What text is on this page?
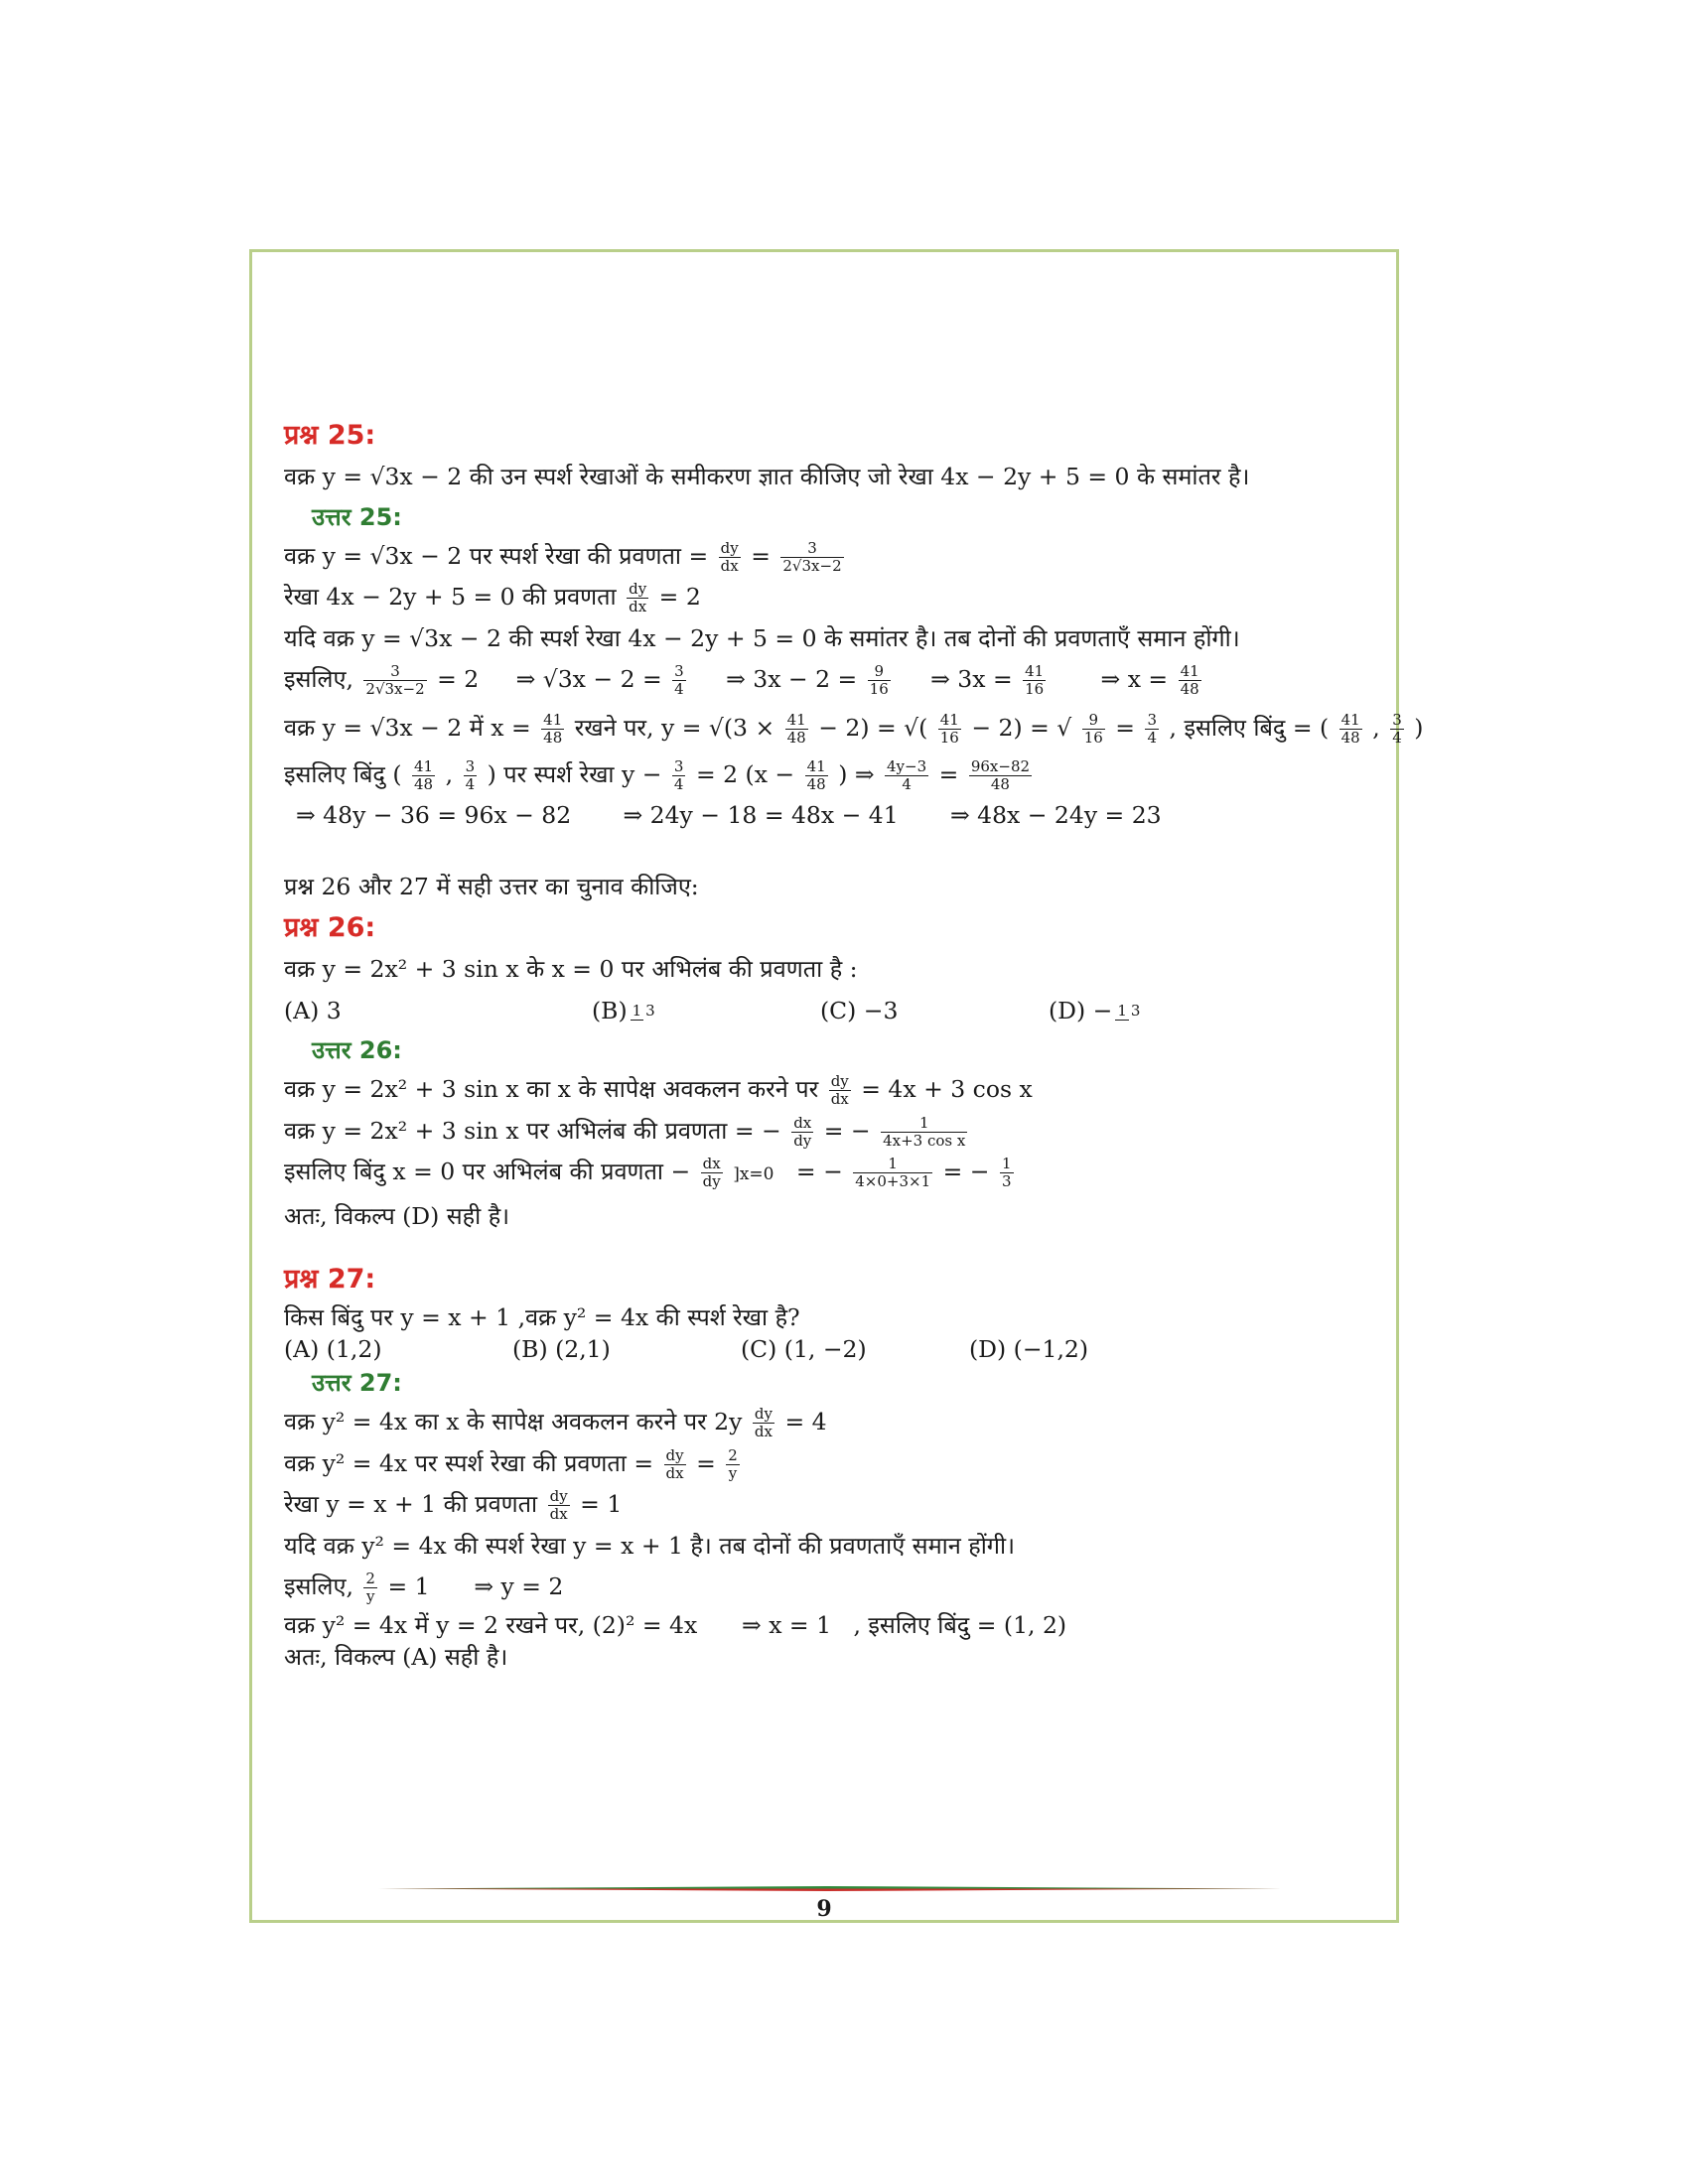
प्रश्न 25:
वक्र y = √3x − 2 की उन स्पर्श रेखाओं के समीकरण ज्ञात कीजिए जो रेखा 4x − 2y + 5 = 0 के समांतर है।
उत्तर 25:
वक्र y = √3x − 2 पर स्पर्श रेखा की प्रवणता = $\frac{dy}{dx} = \frac{3}{2√3x-2}$
रेखा 4x − 2y + 5 = 0 की प्रवणता $\frac{dy}{dx} = 2$
यदि वक्र y = √3x − 2 की स्पर्श रेखा 4x − 2y + 5 = 0 के समांतर है। तब दोनों की प्रवणताएँ समान होंगी।
इसलिए, $\frac{3}{2√3x-2} = 2$ ⇒ $√3x - 2 = \frac{3}{4}$ ⇒ $3x - 2 = \frac{9}{16}$ ⇒ $3x = \frac{41}{16}$ ⇒ $x = \frac{41}{48}$
वक्र y = √3x − 2 में $x = \frac{41}{48}$ रखने पर, $y = √(3 \times \frac{41}{48} - 2)$ = √( $\frac{41}{16} - 2$) = √ $\frac{9}{16} = \frac{3}{4}$ , इसलिए बिंदु = ( $\frac{41}{48}$ , $\frac{3}{4}$ )
इसलिए बिंदु ( $\frac{41}{48}$ , $\frac{3}{4}$ ) पर स्पर्श रेखा $y - \frac{3}{4} = 2$ ($x - \frac{41}{48}$ ) ⇒ $\frac{4y-3}{4} = \frac{96x-82}{48}$
⇒ 48y − 36 = 96x − 82       ⇒ 24y − 18 = 48x − 41       ⇒ 48x − 24y = 23
प्रश्न 26 और 27 में सही उत्तर का चुनाव कीजिए:
प्रश्न 26:
वक्र y = 2x² + 3 sin x के x = 0 पर अभिलंब की प्रवणता है :
(A) 3	(B) 1 3	(C) −3	(D) − 1 3
उत्तर 26:
वक्र y = 2x² + 3 sin x का x के सापेक्ष अवकलन करने पर $\frac{dy}{dx} = 4x + 3$ cos x
वक्र y = 2x² + 3 sin x पर अभिलंब की प्रवणता = − $\frac{dx}{dy}$ = − $\frac{1}{\text{4x+3 cos x}}$
इसलिए बिंदु x = 0 पर अभिलंब की प्रवणता − $\frac{dx}{dy} ]x=0$ = − $\frac{1}{4\times 0+3\times 1}$ = − $\frac{1}{3}$
अतः, विकल्प (D) सही है।
प्रश्न 27:
किस बिंदु पर y = x + 1 ,वक्र y² = 4x की स्पर्श रेखा है?
(A) (1,2)	(B) (2,1)	(C) (1, −2)	(D) (−1,2)
उत्तर 27:
वक्र y² = 4x का x के सापेक्ष अवकलन करने पर $2y \frac{dy}{dx} = 4$
वक्र y² = 4x पर स्पर्श रेखा की प्रवणता = $\frac{dy}{dx} = \frac{2}{y}$
रेखा y = x + 1 की प्रवणता $\frac{dy}{dx} = 1$
यदि वक्र y² = 4x की स्पर्श रेखा y = x + 1 है। तब दोनों की प्रवणताएँ समान होंगी।
इसलिए, $\frac{2}{y} = 1$      ⇒ y = 2
वक्र y² = 4x में y = 2 रखने पर, (2)² = 4x      ⇒ x = 1   , इसलिए बिंदु = (1, 2)
अतः, विकल्प (A) सही है।
9
